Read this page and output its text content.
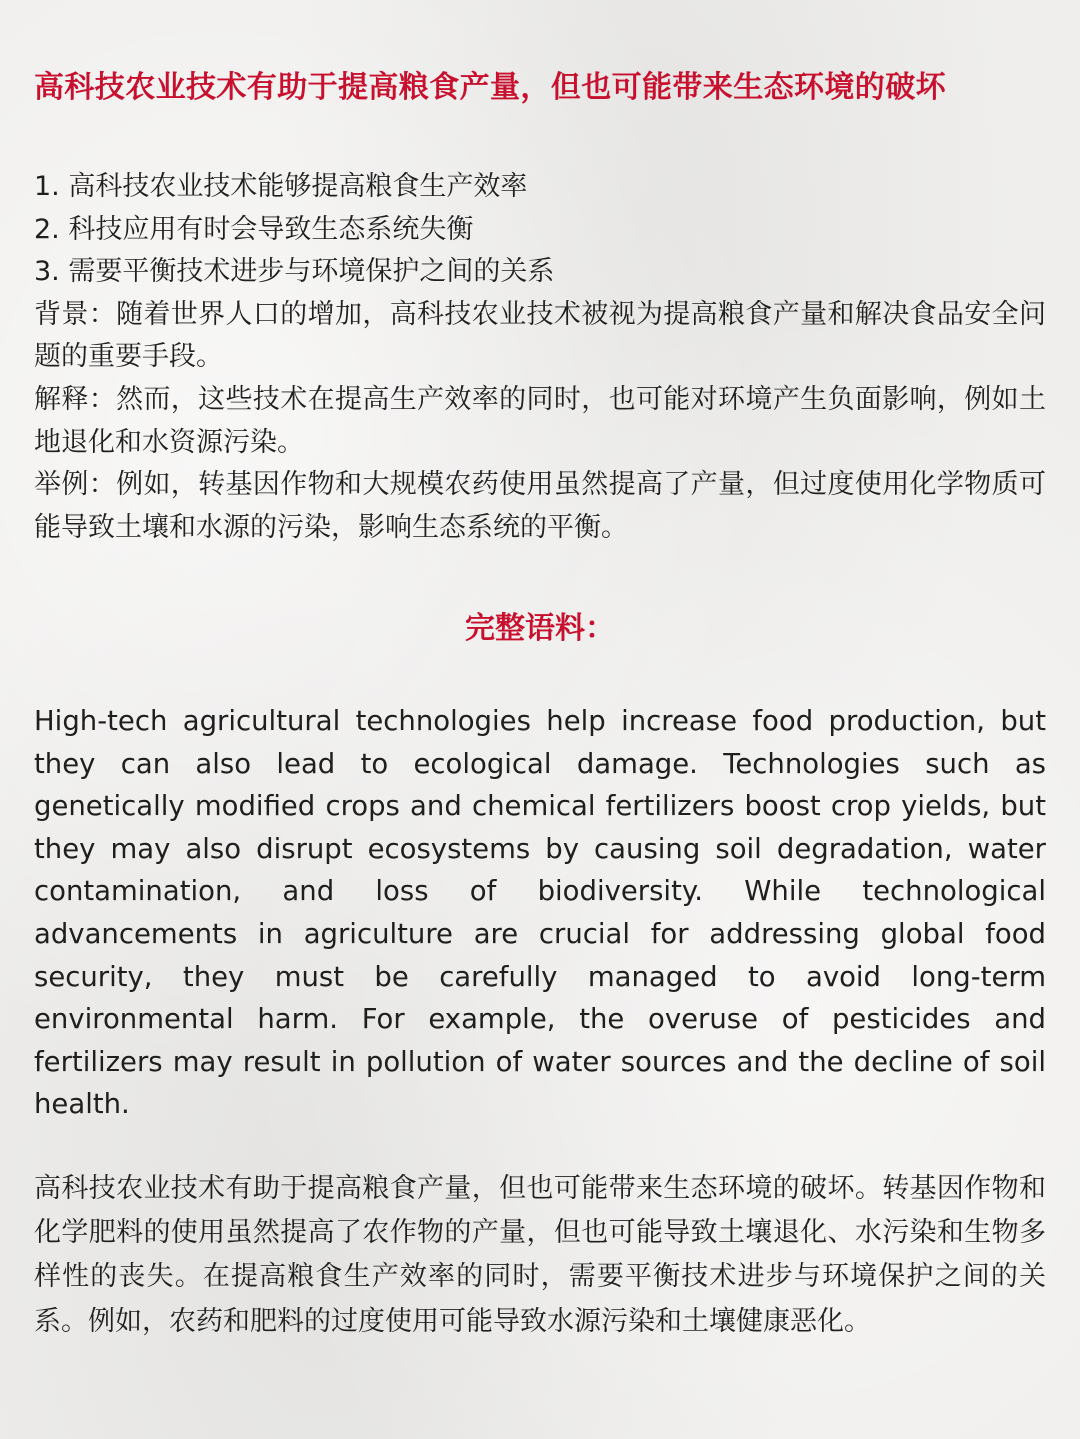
高科技农业技术有助于提高粮食产量，但也可能带来生态环境的破坏
1. 高科技农业技术能够提高粮食生产效率
2. 科技应用有时会导致生态系统失衡
3. 需要平衡技术进步与环境保护之间的关系
背景：随着世界人口的增加，高科技农业技术被视为提高粮食产量和解决食品安全问题的重要手段。
解释：然而，这些技术在提高生产效率的同时，也可能对环境产生负面影响，例如土地退化和水资源污染。
举例：例如，转基因作物和大规模农药使用虽然提高了产量，但过度使用化学物质可能导致土壤和水源的污染，影响生态系统的平衡。
完整语料：
High-tech agricultural technologies help increase food production, but they can also lead to ecological damage. Technologies such as genetically modified crops and chemical fertilizers boost crop yields, but they may also disrupt ecosystems by causing soil degradation, water contamination, and loss of biodiversity. While technological advancements in agriculture are crucial for addressing global food security, they must be carefully managed to avoid long-term environmental harm. For example, the overuse of pesticides and fertilizers may result in pollution of water sources and the decline of soil health.
高科技农业技术有助于提高粮食产量，但也可能带来生态环境的破坏。转基因作物和化学肥料的使用虽然提高了农作物的产量，但也可能导致土壤退化、水污染和生物多样性的丧失。在提高粮食生产效率的同时，需要平衡技术进步与环境保护之间的关系。例如，农药和肥料的过度使用可能导致水源污染和土壤健康恶化。
